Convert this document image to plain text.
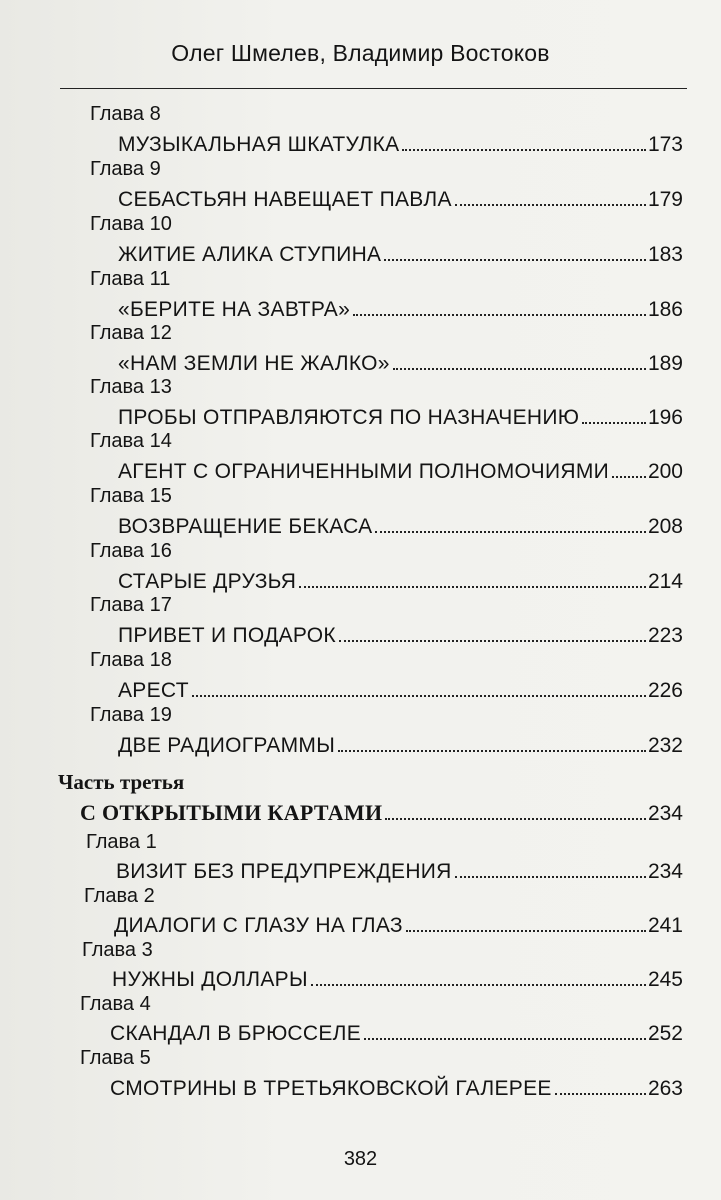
Олег Шмелев, Владимир Востоков
Глава 8
МУЗЫКАЛЬНАЯ ШКАТУЛКА	173
Глава 9
СЕБАСТЬЯН НАВЕЩАЕТ ПАВЛА	179
Глава 10
ЖИТИЕ АЛИКА СТУПИНА	183
Глава 11
«БЕРИТЕ НА ЗАВТРА»	186
Глава 12
«НАМ ЗЕМЛИ НЕ ЖАЛКО»	189
Глава 13
ПРОБЫ ОТПРАВЛЯЮТСЯ ПО НАЗНАЧЕНИЮ	196
Глава 14
АГЕНТ С ОГРАНИЧЕННЫМИ ПОЛНОМОЧИЯМИ 200
Глава 15
ВОЗВРАЩЕНИЕ БЕКАСА	208
Глава 16
СТАРЫЕ ДРУЗЬЯ	214
Глава 17
ПРИВЕТ И ПОДАРОК	223
Глава 18
АРЕСТ	226
Глава 19
ДВЕ РАДИОГРАММЫ	232
Часть третья
С ОТКРЫТЫМИ КАРТАМИ	234
Глава 1
ВИЗИТ БЕЗ ПРЕДУПРЕЖДЕНИЯ	234
Глава 2
ДИАЛОГИ С ГЛАЗУ НА ГЛАЗ	241
Глава 3
НУЖНЫ ДОЛЛАРЫ	245
Глава 4
СКАНДАЛ В БРЮССЕЛЕ	252
Глава 5
СМОТРИНЫ В ТРЕТЬЯКОВСКОЙ ГАЛЕРЕЕ	263
382
